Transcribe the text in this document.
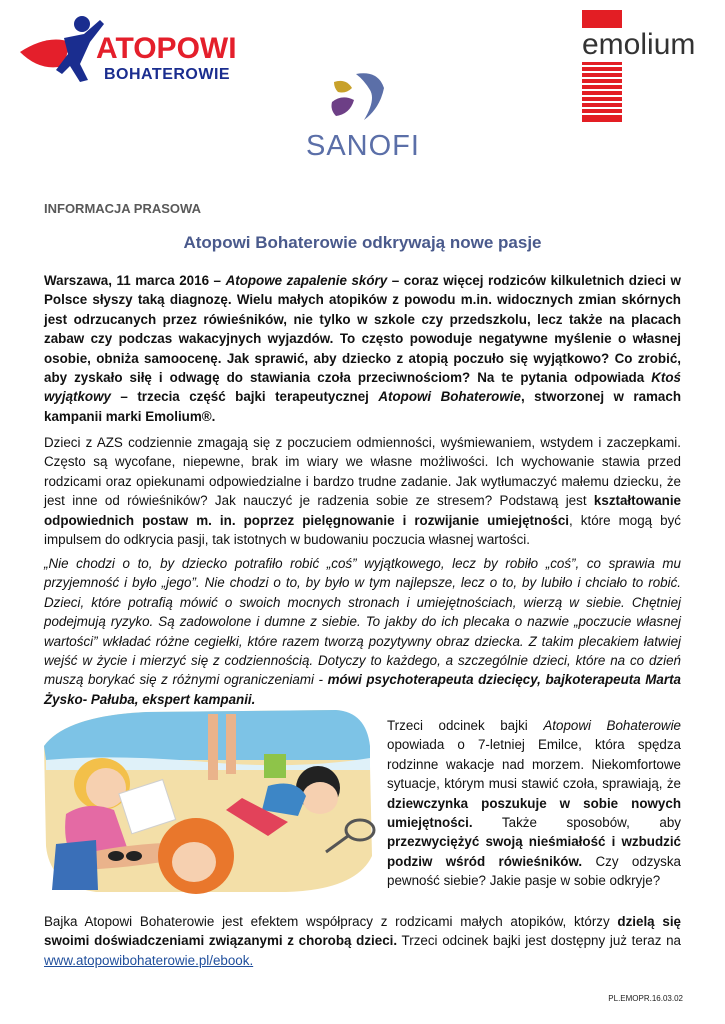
ATOPOWI
BOHATEROWIE
emolium
SANOFI
INFORMACJA PRASOWA
Atopowi Bohaterowie odkrywają nowe pasje

Warszawa, 11 marca 2016 – Atopowe zapalenie skóry – coraz więcej rodziców kilkuletnich dzieci w Polsce słyszy taką diagnozę. Wielu małych atopików z powodu m.in. widocznych zmian skórnych jest odrzucanych przez rówieśników, nie tylko w szkole czy przedszkolu, lecz także na placach zabaw czy podczas wakacyjnych wyjazdów. To często powoduje negatywne myślenie o własnej osobie, obniża samoocenę. Jak sprawić, aby dziecko z atopią poczuło się wyjątkowo? Co zrobić, aby zyskało siłę i odwagę do stawiania czoła przeciwnościom? Na te pytania odpowiada Ktoś wyjątkowy – trzecia część bajki terapeutycznej Atopowi Bohaterowie, stworzonej w ramach kampanii marki Emolium®.

Dzieci z AZS codziennie zmagają się z poczuciem odmienności, wyśmiewaniem, wstydem i zaczepkami. Często są wycofane, niepewne, brak im wiary we własne możliwości. Ich wychowanie stawia przed rodzicami oraz opiekunami odpowiedzialne i bardzo trudne zadanie. Jak wytłumaczyć małemu dziecku, że jest inne od rówieśników? Jak nauczyć je radzenia sobie ze stresem? Podstawą jest kształtowanie odpowiednich postaw m. in. poprzez pielęgnowanie i rozwijanie umiejętności, które mogą być impulsem do odkrycia pasji, tak istotnych w budowaniu poczucia własnej wartości.

„Nie chodzi o to, by dziecko potrafiło robić „coś” wyjątkowego, lecz by robiło „coś”, co sprawia mu przyjemność i było „jego”. Nie chodzi o to, by było w tym najlepsze, lecz o to, by lubiło i chciało to robić. Dzieci, które potrafią mówić o swoich mocnych stronach i umiejętnościach, wierzą w siebie. Chętniej podejmują ryzyko. Są zadowolone i dumne z siebie. To jakby do ich plecaka o nazwie „poczucie własnej wartości” wkładać różne cegiełki, które razem tworzą pozytywny obraz dziecka. Z takim plecakiem łatwiej wejść w życie i mierzyć się z codziennością. Dotyczy to każdego, a szczególnie dzieci, które na co dzień muszą borykać się z różnymi ograniczeniami - mówi psychoterapeuta dziecięcy, bajkoterapeuta Marta Żysko- Pałuba, ekspert kampanii.

Trzeci odcinek bajki Atopowi Bohaterowie opowiada o 7-letniej Emilce, która spędza rodzinne wakacje nad morzem. Niekomfortowe sytuacje, którym musi stawić czoła, sprawiają, że dziewczynka poszukuje w sobie nowych umiejętności. Także sposobów, aby przezwyciężyć swoją nieśmiałość i wzbudzić podziw wśród rówieśników. Czy odzyska pewność siebie? Jakie pasje w sobie odkryje?

Bajka Atopowi Bohaterowie jest efektem współpracy z rodzicami małych atopików, którzy dzielą się swoimi doświadczeniami związanymi z chorobą dzieci. Trzeci odcinek bajki jest dostępny już teraz na www.atopowibohaterowie.pl/ebook.

PL.EMOPR.16.03.02
